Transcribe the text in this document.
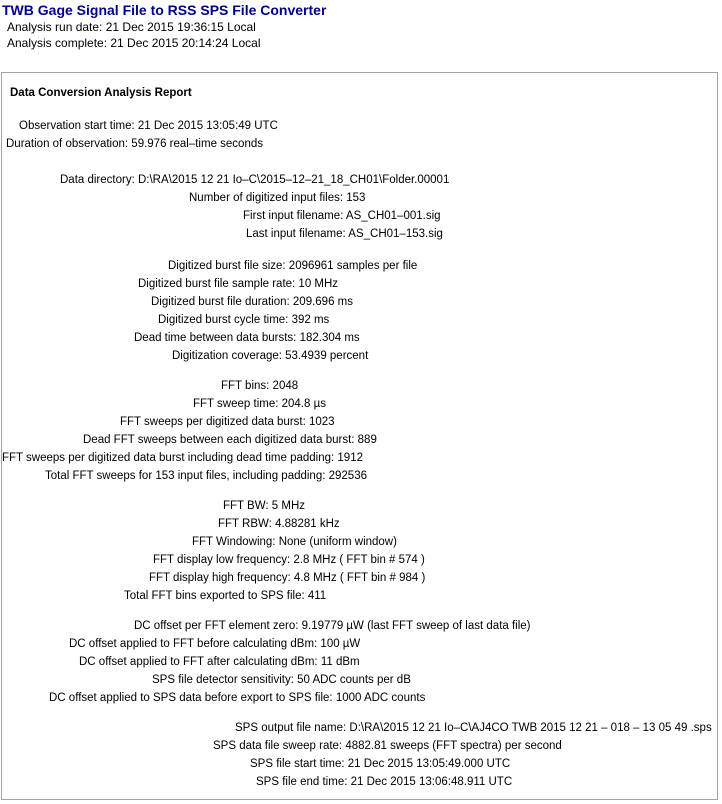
TWB Gage Signal File to RSS SPS File Converter
Analysis run date: 21 Dec 2015 19:36:15 Local
Analysis complete: 21 Dec 2015 20:14:24 Local
Data Conversion Analysis Report
Observation start time: 21 Dec 2015 13:05:49 UTC
Duration of observation: 59.976 real–time seconds
Data directory: D:\RA\2015 12 21 Io–C\2015–12–21_18_CH01\Folder.00001
Number of digitized input files: 153
First input filename: AS_CH01–001.sig
Last input filename: AS_CH01–153.sig
Digitized burst file size: 2096961 samples per file
Digitized burst file sample rate: 10 MHz
Digitized burst file duration: 209.696 ms
Digitized burst cycle time: 392 ms
Dead time between data bursts: 182.304 ms
Digitization coverage: 53.4939 percent
FFT bins: 2048
FFT sweep time: 204.8 µs
FFT sweeps per digitized data burst: 1023
Dead FFT sweeps between each digitized data burst: 889
FFT sweeps per digitized data burst including dead time padding: 1912
Total FFT sweeps for 153 input files, including padding: 292536
FFT BW: 5 MHz
FFT RBW: 4.88281 kHz
FFT Windowing: None (uniform window)
FFT display low frequency: 2.8 MHz ( FFT bin # 574 )
FFT display high frequency: 4.8 MHz ( FFT bin # 984 )
Total FFT bins exported to SPS file: 411
DC offset per FFT element zero: 9.19779 µW (last FFT sweep of last data file)
DC offset applied to FFT before calculating dBm: 100 µW
DC offset applied to FFT after calculating dBm: 11 dBm
SPS file detector sensitivity: 50 ADC counts per dB
DC offset applied to SPS data before export to SPS file: 1000 ADC counts
SPS output file name: D:\RA\2015 12 21 Io–C\AJ4CO TWB 2015 12 21 – 018 – 13 05 49 .sps
SPS data file sweep rate: 4882.81 sweeps (FFT spectra) per second
SPS file start time: 21 Dec 2015 13:05:49.000 UTC
SPS file end time: 21 Dec 2015 13:06:48.911 UTC
